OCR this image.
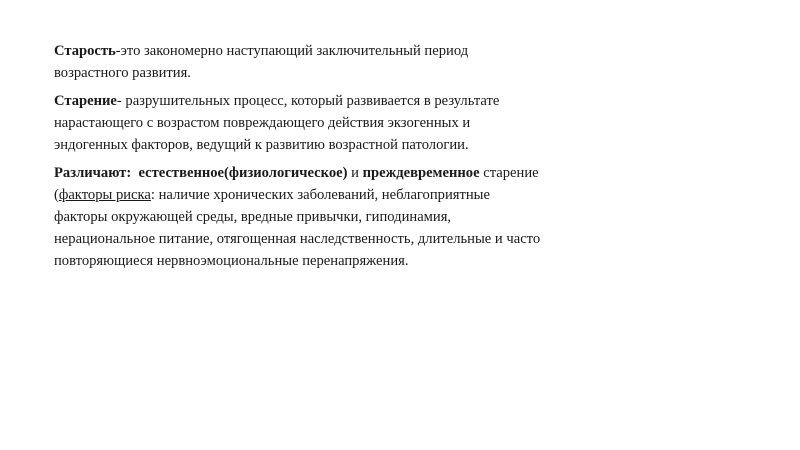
Старость-это закономерно наступающий заключительный период
возрастного развития.

Старение- разрушительных процесс, который развивается в результате
нарастающего с возрастом повреждающего действия экзогенных и
эндогенных факторов, ведущий к развитию возрастной патологии.

Различают: естественное(физиологическое) и преждевременное старение
(факторы риска: наличие хронических заболеваний, неблагоприятные
факторы окружающей среды, вредные привычки, гиподинамия,
нерациональное питание, отягощенная наследственность, длительные и часто
повторяющиеся нервноэмоциональные перенапряжения.
